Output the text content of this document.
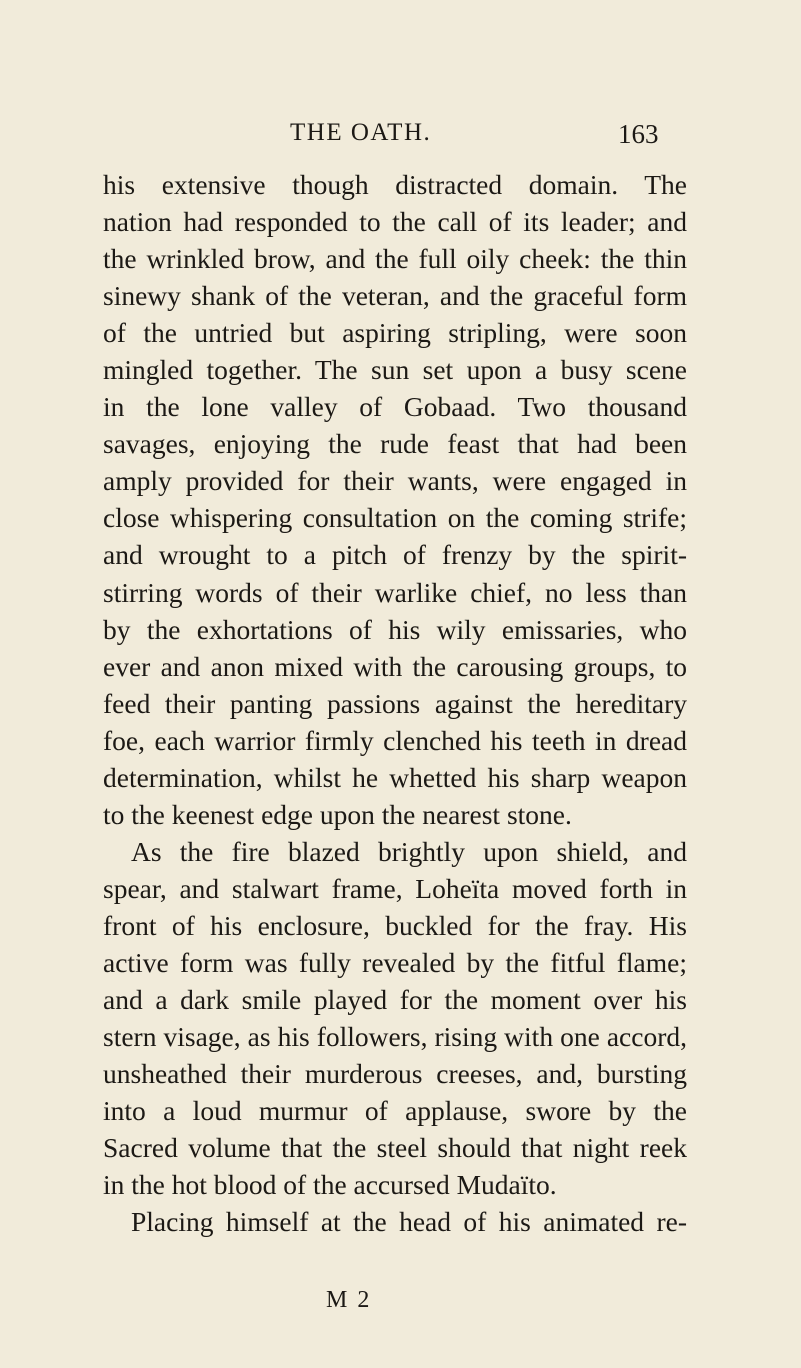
THE OATH.	163
his extensive though distracted domain. The
nation had responded to the call of its leader; and
the wrinkled brow, and the full oily cheek: the thin
sinewy shank of the veteran, and the graceful form
of the untried but aspiring stripling, were soon
mingled together. The sun set upon a busy scene
in the lone valley of Gobaad. Two thousand
savages, enjoying the rude feast that had been
amply provided for their wants, were engaged in
close whispering consultation on the coming strife;
and wrought to a pitch of frenzy by the spirit-
stirring words of their warlike chief, no less than
by the exhortations of his wily emissaries, who
ever and anon mixed with the carousing groups, to
feed their panting passions against the hereditary
foe, each warrior firmly clenched his teeth in dread
determination, whilst he whetted his sharp weapon
to the keenest edge upon the nearest stone.
As the fire blazed brightly upon shield, and
spear, and stalwart frame, Loheïta moved forth in
front of his enclosure, buckled for the fray. His
active form was fully revealed by the fitful flame;
and a dark smile played for the moment over his
stern visage, as his followers, rising with one accord,
unsheathed their murderous creeses, and, bursting
into a loud murmur of applause, swore by the
Sacred volume that the steel should that night reek
in the hot blood of the accursed Mudaïto.
Placing himself at the head of his animated re-
M 2
